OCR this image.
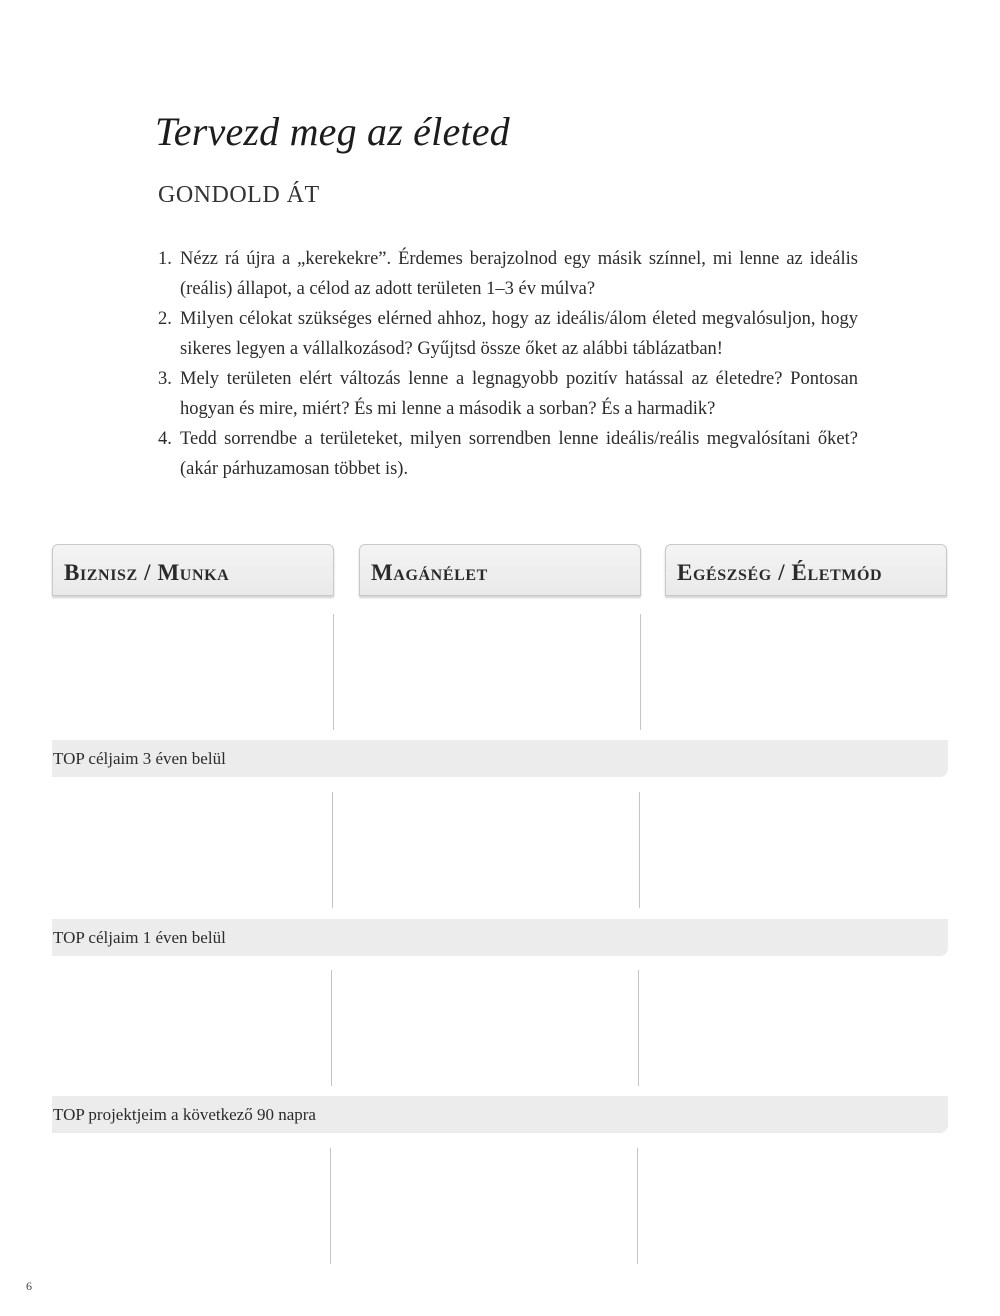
Tervezd meg az életed
GONDOLD ÁT
1. Nézz rá újra a „kerekekre”. Érdemes berajzolnod egy másik színnel, mi lenne az ideális (reális) állapot, a célod az adott területen 1–3 év múlva?
2. Milyen célokat szükséges elérned ahhoz, hogy az ideális/álom életed megvalósuljon, hogy sikeres legyen a vállalkozásod? Gyűjtsd össze őket az alábbi táblázatban!
3. Mely területen elért változás lenne a legnagyobb pozitív hatással az életedre? Pontosan hogyan és mire, miért? És mi lenne a második a sorban? És a harmadik?
4. Tedd sorrendbe a területeket, milyen sorrendben lenne ideális/reális megvalósítani őket? (akár párhuzamosan többet is).
Biznisz / Munka	Magánélet	Egészség / Életmód
TOP céljaim 3 éven belül
TOP céljaim 1 éven belül
TOP projektjeim a következő 90 napra
6
